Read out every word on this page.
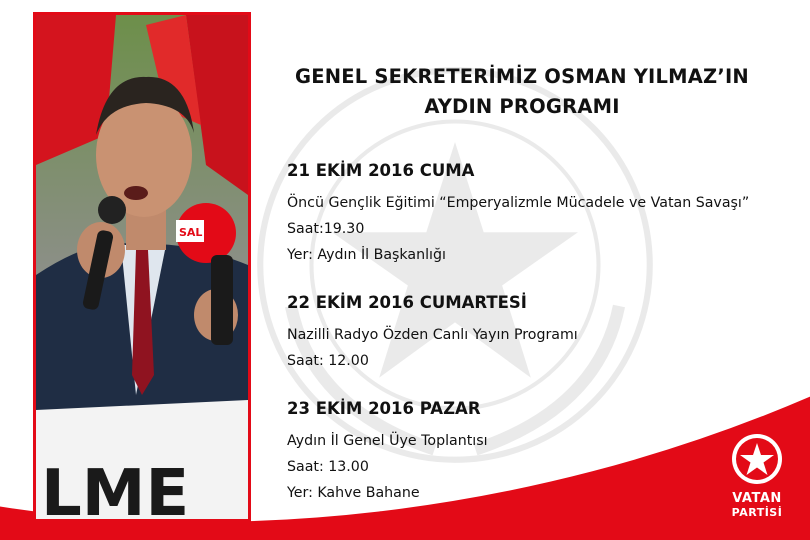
SAL
LME
GENEL SEKRETERİMİZ OSMAN YILMAZ’IN
AYDIN PROGRAMI
21 EKİM 2016 CUMA
Öncü Gençlik Eğitimi “Emperyalizmle Mücadele ve Vatan Savaşı”
Saat:19.30
Yer: Aydın İl Başkanlığı
22 EKİM 2016 CUMARTESİ
Nazilli Radyo Özden Canlı Yayın Programı
Saat: 12.00
23 EKİM 2016 PAZAR
Aydın İl Genel Üye Toplantısı
Saat: 13.00
Yer: Kahve Bahane	VATAN
PARTİSİ
